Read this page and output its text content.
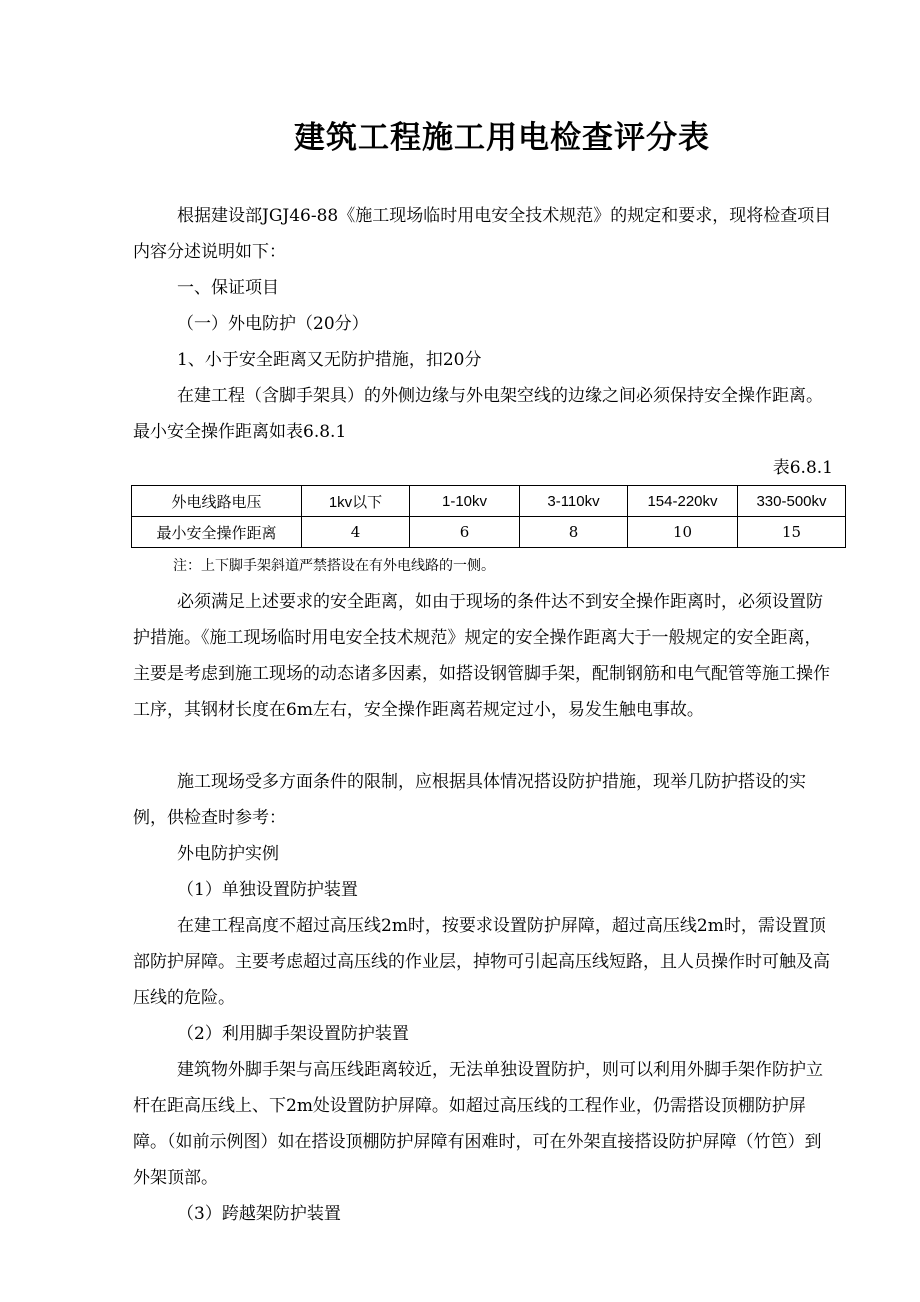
建筑工程施工用电检查评分表

根据建设部JGJ46-88《施工现场临时用电安全技术规范》的规定和要求，现将检查项目内容分述说明如下：

一、保证项目

（一）外电防护（20分）

1、小于安全距离又无防护措施，扣20分

在建工程（含脚手架具）的外侧边缘与外电架空线的边缘之间必须保持安全操作距离。最小安全操作距离如表6.8.1

表6.8.1
外电线路电压	1kv以下	1-10kv	3-110kv	154-220kv	330-500kv
最小安全操作距离	4	6	8	10	15
注：上下脚手架斜道严禁搭设在有外电线路的一侧。

必须满足上述要求的安全距离，如由于现场的条件达不到安全操作距离时，必须设置防护措施。《施工现场临时用电安全技术规范》规定的安全操作距离大于一般规定的安全距离，主要是考虑到施工现场的动态诸多因素，如搭设钢管脚手架，配制钢筋和电气配管等施工操作工序，其钢材长度在6m左右，安全操作距离若规定过小，易发生触电事故。

施工现场受多方面条件的限制，应根据具体情况搭设防护措施，现举几防护搭设的实例，供检查时参考：

外电防护实例

（1）单独设置防护装置

在建工程高度不超过高压线2m时，按要求设置防护屏障，超过高压线2m时，需设置顶部防护屏障。主要考虑超过高压线的作业层，掉物可引起高压线短路，且人员操作时可触及高压线的危险。

（2）利用脚手架设置防护装置

建筑物外脚手架与高压线距离较近，无法单独设置防护，则可以利用外脚手架作防护立杆在距高压线上、下2m处设置防护屏障。如超过高压线的工程作业，仍需搭设顶棚防护屏障。（如前示例图）如在搭设顶棚防护屏障有困难时，可在外架直接搭设防护屏障（竹笆）到外架顶部。

（3）跨越架防护装置
